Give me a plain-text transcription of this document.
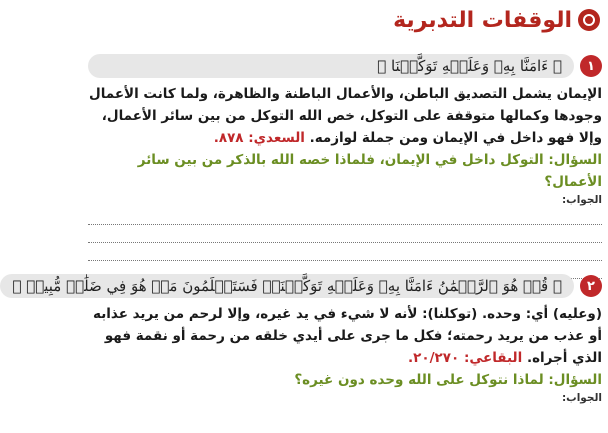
الوقفات التدبرية
١
﴿ ءَامَنَّا بِهِۦ وَعَلَيۡهِ تَوَكَّلۡنَا ﴾
الإيمان يشمل التصديق الباطن، والأعمال الباطنة والظاهرة، ولما كانت الأعمال
وجودها وكمالها متوقفة على التوكل، خص الله التوكل من بين سائر الأعمال،
وإلا فهو داخل في الإيمان ومن جملة لوازمه. السعدي: ٨٧٨.
السؤال: التوكل داخل في الإيمان، فلماذا خصه الله بالذكر من بين سائر الأعمال؟
الجواب:
٢
﴿ قُلۡ هُوَ ٱلرَّحۡمَٰنُ ءَامَنَّا بِهِۦ وَعَلَيۡهِ تَوَكَّلۡنَاۖ فَسَتَعۡلَمُونَ مَنۡ هُوَ فِي ضَلَٰلٖ مُّبِينٖ ﴾
(وعليه) أي: وحده. (توكلنا): لأنه لا شيء في يد غيره، وإلا لرحم من يريد عذابه
أو عذب من يريد رحمته؛ فكل ما جرى على أيدي خلقه من رحمة أو نقمة فهو
الذي أجراه. البقاعي: ٢٠/٢٧٠.
السؤال: لماذا نتوكل على الله وحده دون غيره؟
الجواب:
